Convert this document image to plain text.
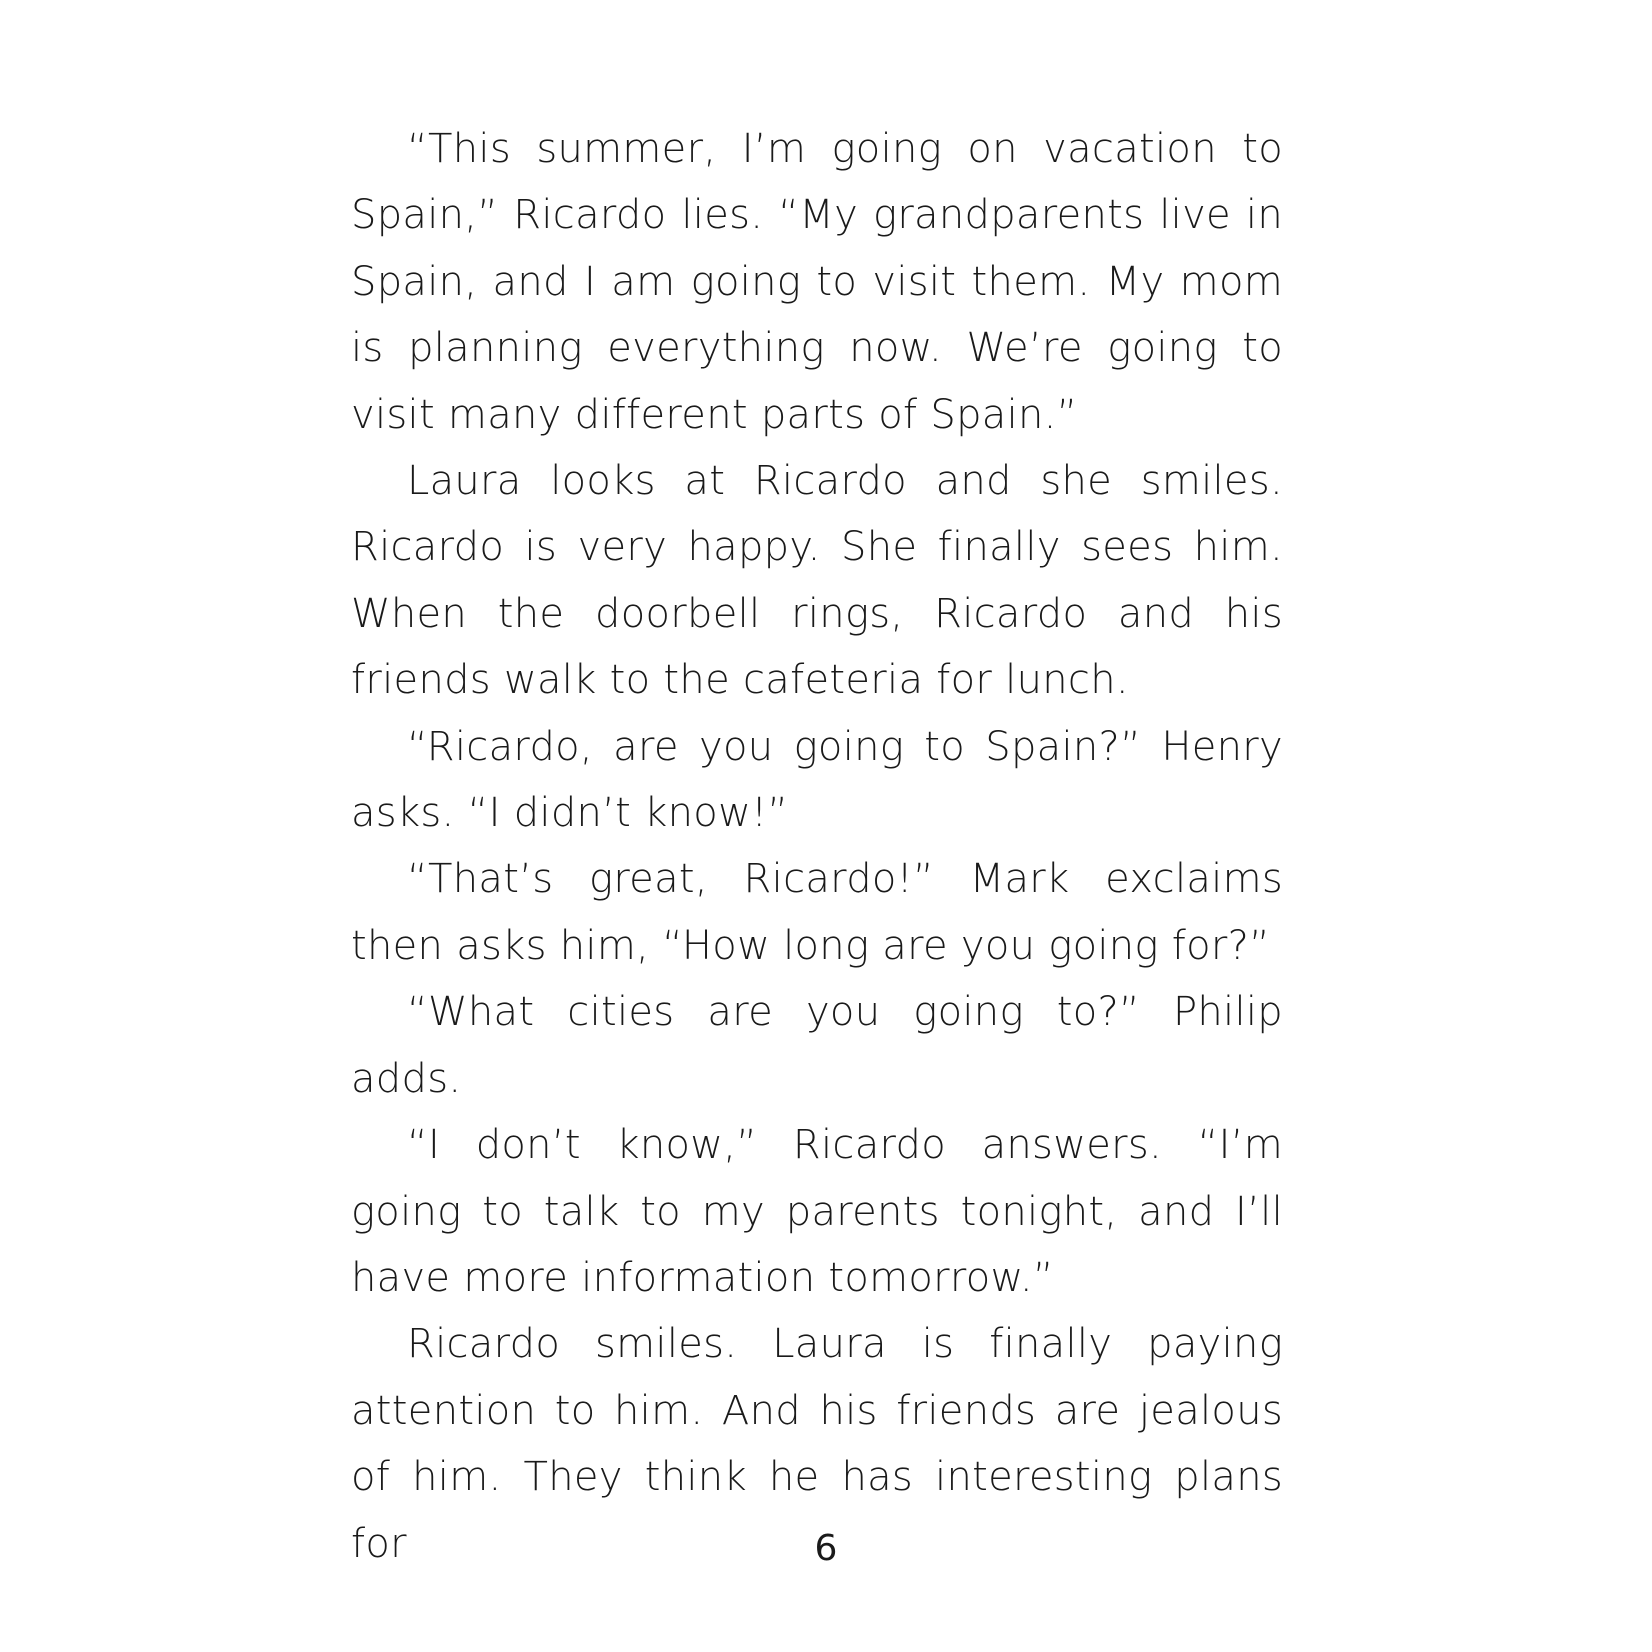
“This summer, I’m going on vacation to Spain,” Ricardo lies. “My grandparents live in Spain, and I am going to visit them. My mom is planning everything now. We’re going to visit many different parts of Spain.”

Laura looks at Ricardo and she smiles. Ricardo is very happy. She finally sees him. When the doorbell rings, Ricardo and his friends walk to the cafeteria for lunch.

“Ricardo, are you going to Spain?” Henry asks. “I didn’t know!”

“That’s great, Ricardo!” Mark exclaims then asks him, “How long are you going for?”

“What cities are you going to?” Philip adds.

“I don’t know,” Ricardo answers. “I’m going to talk to my parents tonight, and I’ll have more information tomorrow.”

Ricardo smiles. Laura is finally paying attention to him. And his friends are jealous of him. They think he has interesting plans for	6
